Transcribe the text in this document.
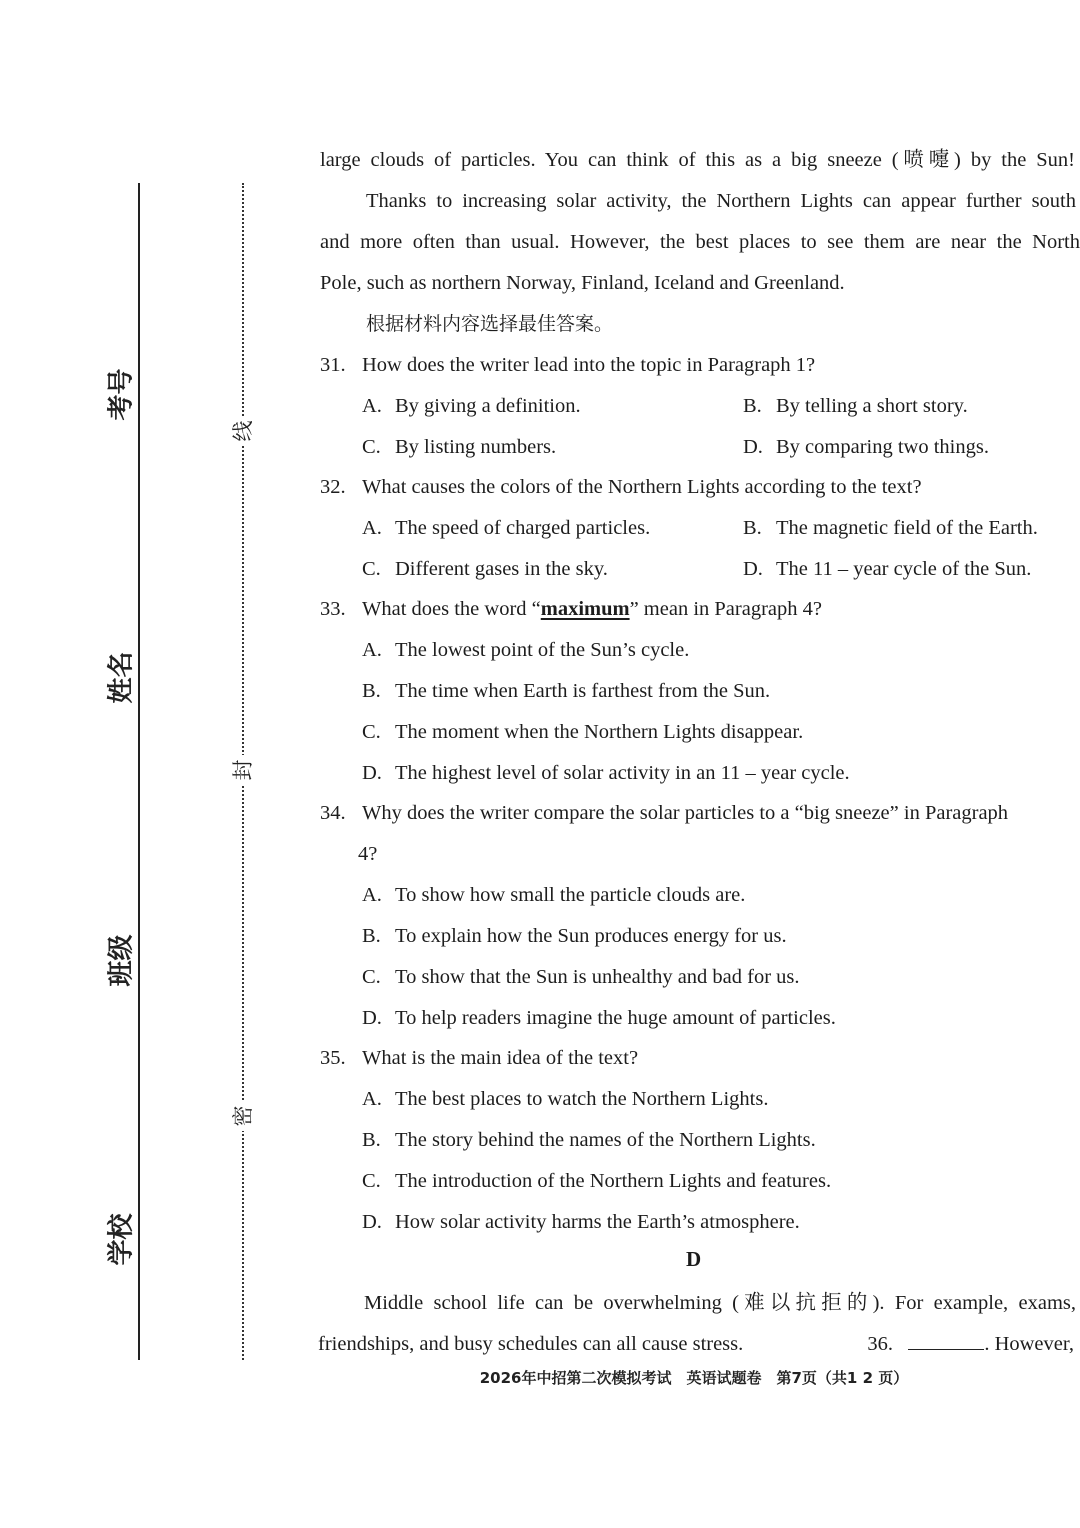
考号
姓名
班级
学校
线
封
密
large clouds of particles. You can think of this as a big sneeze (喷嚏) by the Sun!
Thanks to increasing solar activity, the Northern Lights can appear further south
and more often than usual. However, the best places to see them are near the North
Pole, such as northern Norway, Finland, Iceland and Greenland.
根据材料内容选择最佳答案。
31. How does the writer lead into the topic in Paragraph 1?
A. By giving a definition.	B. By telling a short story.
C. By listing numbers.	D. By comparing two things.
32. What causes the colors of the Northern Lights according to the text?
A. The speed of charged particles.	B. The magnetic field of the Earth.
C. Different gases in the sky.	D. The 11 – year cycle of the Sun.
33. What does the word “maximum” mean in Paragraph 4?
A. The lowest point of the Sun’s cycle.
B. The time when Earth is farthest from the Sun.
C. The moment when the Northern Lights disappear.
D. The highest level of solar activity in an 11 – year cycle.
34. Why does the writer compare the solar particles to a “big sneeze” in Paragraph
4?
A. To show how small the particle clouds are.
B. To explain how the Sun produces energy for us.
C. To show that the Sun is unhealthy and bad for us.
D. To help readers imagine the huge amount of particles.
35. What is the main idea of the text?
A. The best places to watch the Northern Lights.
B. The story behind the names of the Northern Lights.
C. The introduction of the Northern Lights and features.
D. How solar activity harms the Earth’s atmosphere.
D
Middle school life can be overwhelming (难以抗拒的). For example, exams,
friendships, and busy schedules can all cause stress.	36.	. However,
2026年中招第二次模拟考试　英语试题卷　第7页（共1 2 页）
